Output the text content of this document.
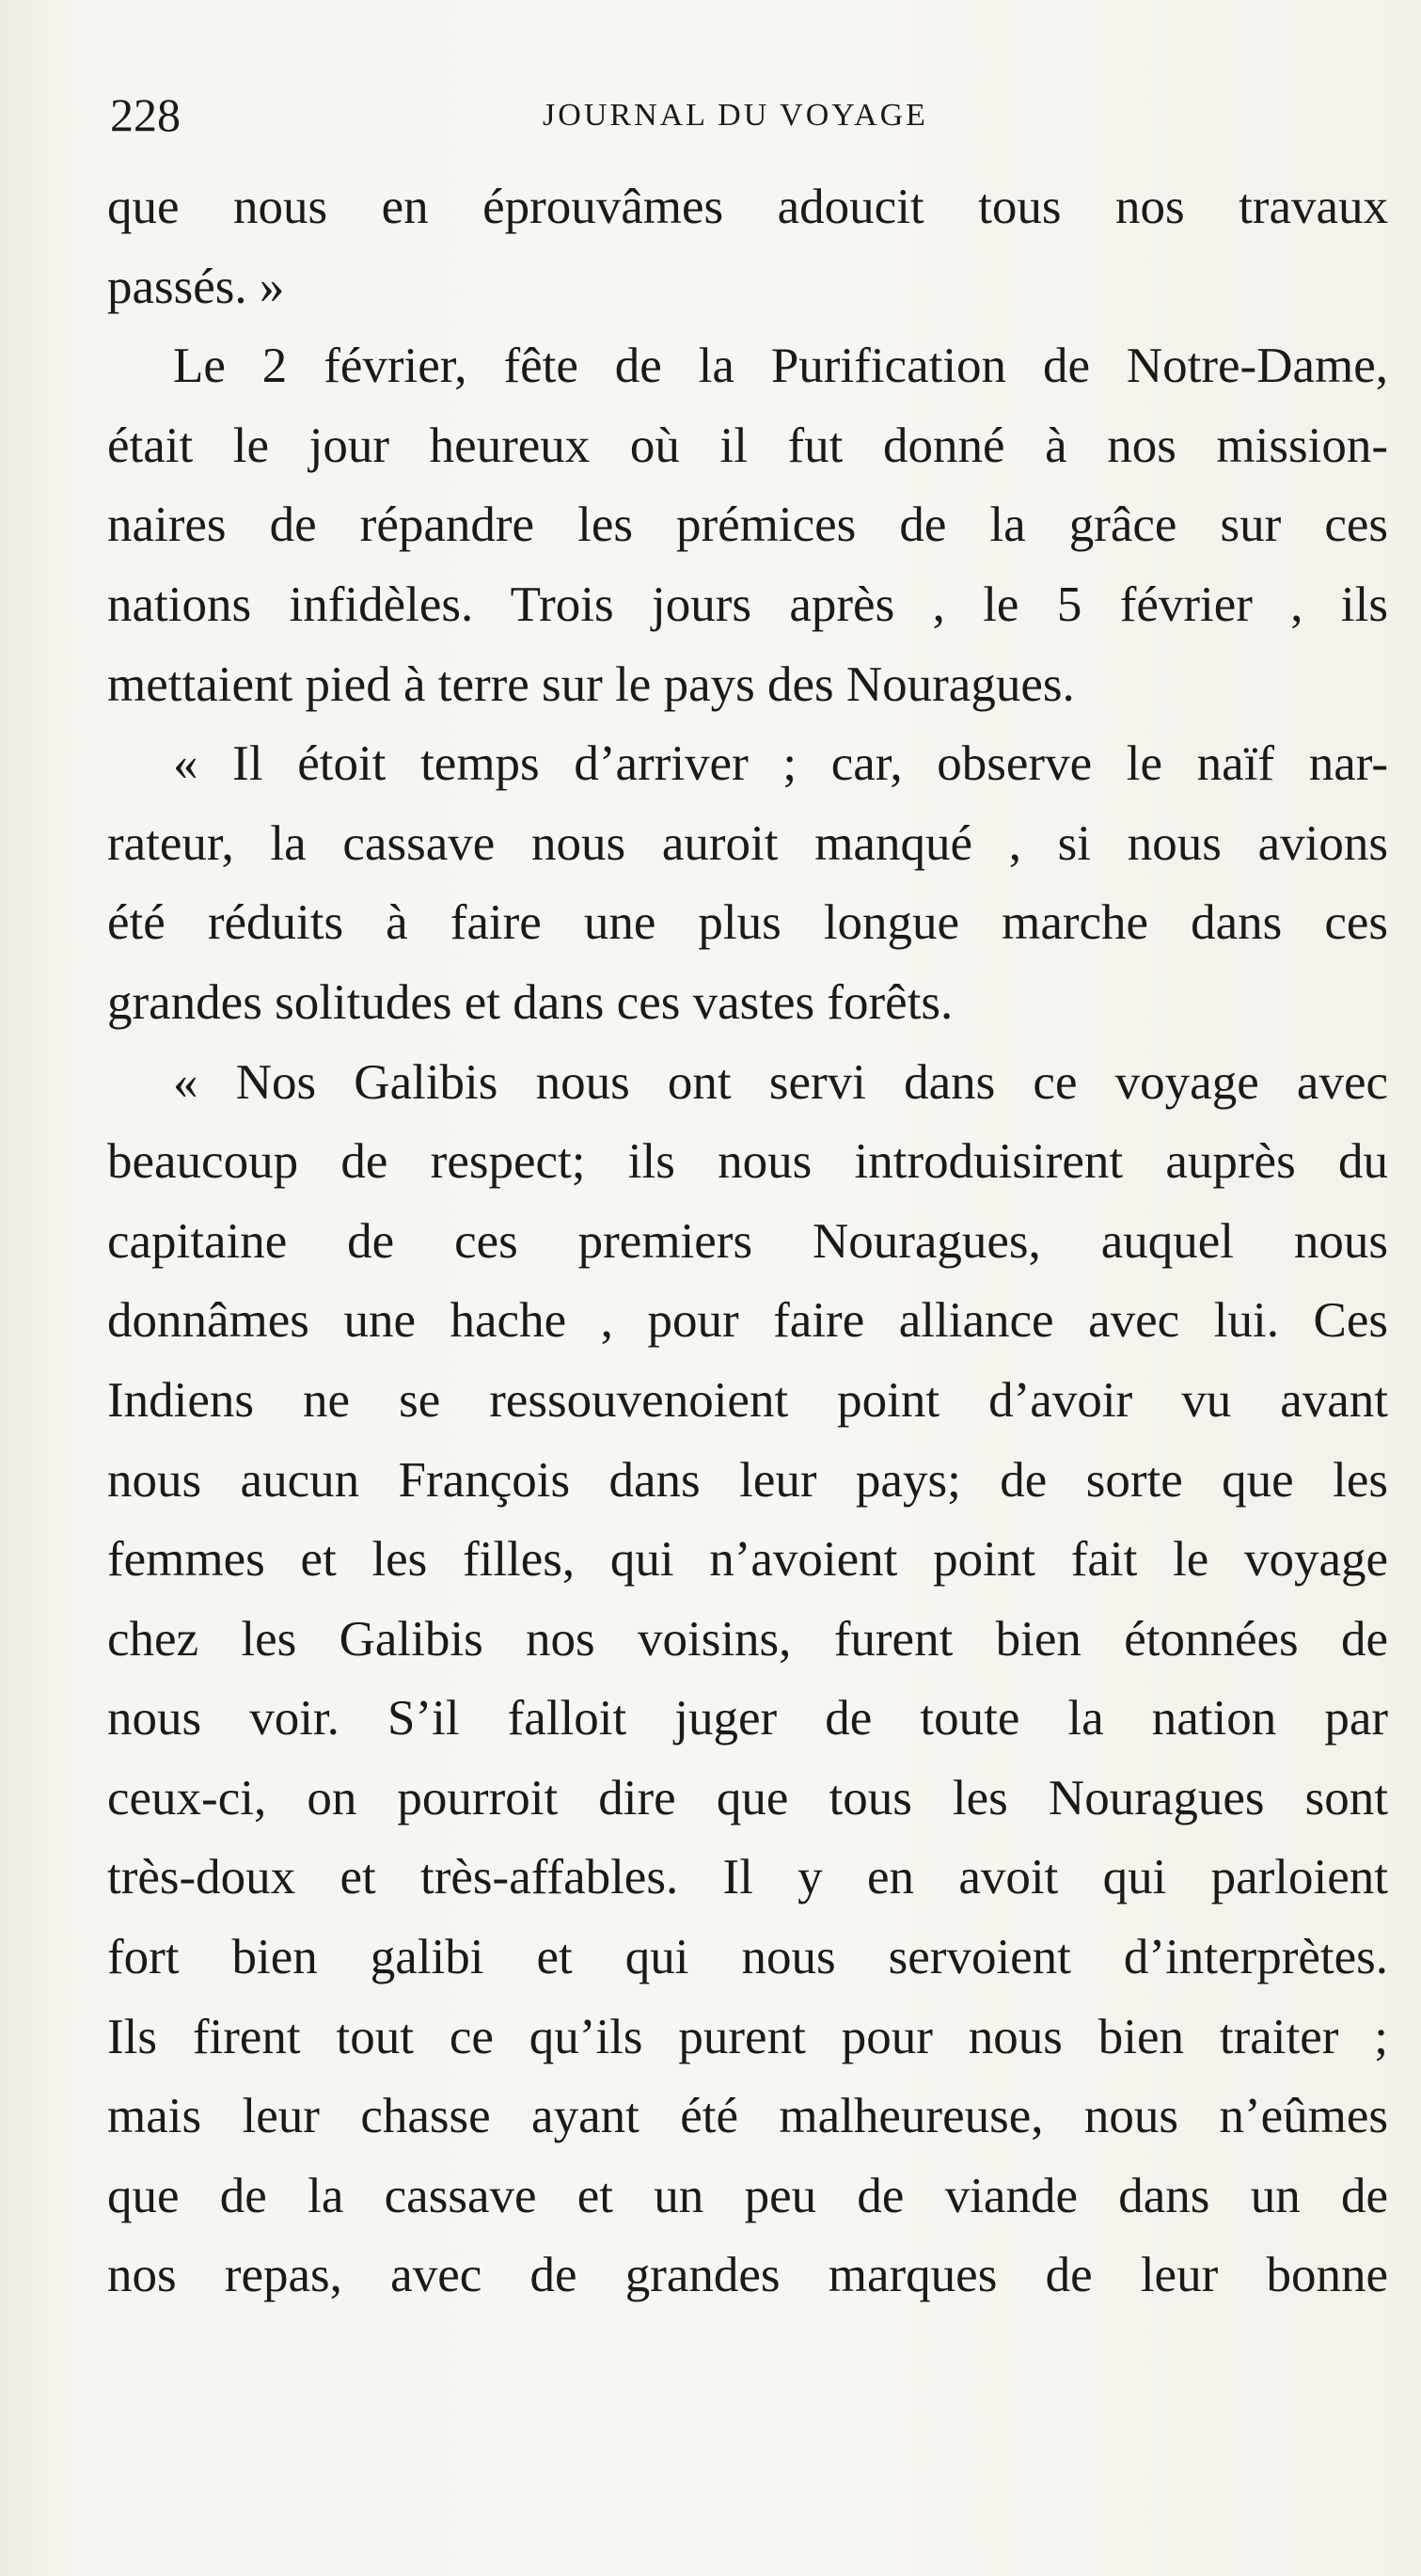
228	JOURNAL DU VOYAGE
que nous en éprouvâmes adoucit tous nos travaux
passés. »
Le 2 février, fête de la Purification de Notre-Dame,
était le jour heureux où il fut donné à nos mission-
naires de répandre les prémices de la grâce sur ces
nations infidèles. Trois jours après , le 5 février , ils
mettaient pied à terre sur le pays des Nouragues.
« Il étoit temps d’arriver ; car, observe le naïf nar-
rateur, la cassave nous auroit manqué , si nous avions
été réduits à faire une plus longue marche dans ces
grandes solitudes et dans ces vastes forêts.
« Nos Galibis nous ont servi dans ce voyage avec
beaucoup de respect; ils nous introduisirent auprès du
capitaine de ces premiers Nouragues, auquel nous
donnâmes une hache , pour faire alliance avec lui. Ces
Indiens ne se ressouvenoient point d’avoir vu avant
nous aucun François dans leur pays; de sorte que les
femmes et les filles, qui n’avoient point fait le voyage
chez les Galibis nos voisins, furent bien étonnées de
nous voir. S’il falloit juger de toute la nation par
ceux-ci, on pourroit dire que tous les Nouragues sont
très-doux et très-affables. Il y en avoit qui parloient
fort bien galibi et qui nous servoient d’interprètes.
Ils firent tout ce qu’ils purent pour nous bien traiter ;
mais leur chasse ayant été malheureuse, nous n’eûmes
que de la cassave et un peu de viande dans un de
nos repas, avec de grandes marques de leur bonne
